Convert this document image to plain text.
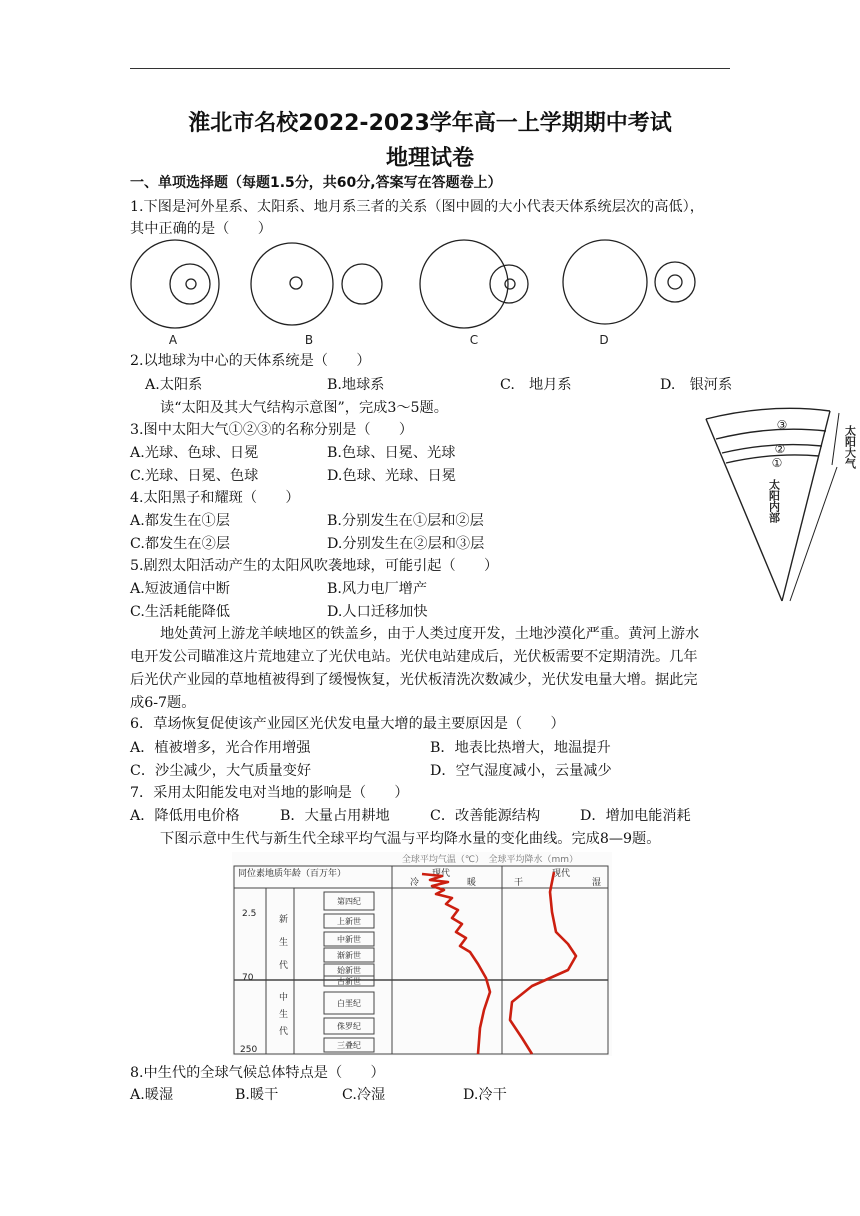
淮北市名校2022-2023学年高一上学期期中考试
地理试卷
一、单项选择题（每题1.5分，共60分,答案写在答题卷上）
1.下图是河外星系、太阳系、地月系三者的关系（图中圆的大小代表天体系统层次的高低），
其中正确的是（　　）
A	B	C	D
2.以地球为中心的天体系统是（　　）
A.太阳系	B.地球系	C.　地月系	D.　银河系
读“太阳及其大气结构示意图”，完成3～5题。
3.图中太阳大气①②③的名称分别是（　　）
A.光球、色球、日冕	B.色球、日冕、光球
C.光球、日冕、色球	D.色球、光球、日冕
4.太阳黑子和耀斑（　　）
A.都发生在①层	B.分别发生在①层和②层
C.都发生在②层	D.分别发生在②层和③层
5.剧烈太阳活动产生的太阳风吹袭地球，可能引起（　　）
A.短波通信中断	B.风力电厂增产
C.生活耗能降低	D.人口迁移加快
③
②
①	太阳大气
太阳内部
地处黄河上游龙羊峡地区的铁盖乡，由于人类过度开发，土地沙漠化严重。黄河上游水
电开发公司瞄准这片荒地建立了光伏电站。光伏电站建成后，光伏板需要不定期清洗。几年
后光伏产业园的草地植被得到了缓慢恢复，光伏板清洗次数减少，光伏发电量大增。据此完
成6-7题。
6．草场恢复促使该产业园区光伏发电量大增的最主要原因是（　　）
A．植被增多，光合作用增强	B．地表比热增大，地温提升
C．沙尘减少，大气质量变好	D．空气湿度减小，云量减少
7．采用太阳能发电对当地的影响是（　　）
A．降低用电价格	B．大量占用耕地	C．改善能源结构	D．增加电能消耗
下图示意中生代与新生代全球平均气温与平均降水量的变化曲线。完成8—9题。
全球平均气温（℃）　全球平均降水（mm）
同位素地质年龄（百万年）	现代
冷	暖	干
现代
湿
2.5
70
250
新生代
中生代
第四纪
上新世
中新世
渐新世
始新世
古新世
白垩纪
侏罗纪
三叠纪
8.中生代的全球气候总体特点是（　　）
A.暖湿	B.暖干	C.冷湿	D.冷干
